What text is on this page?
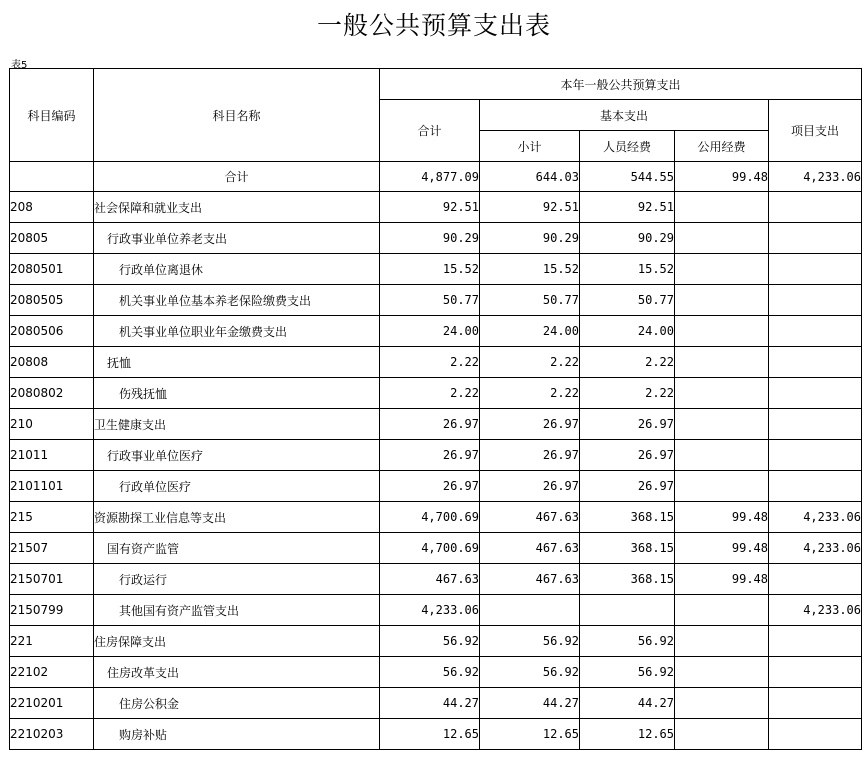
一般公共预算支出表
表5
科目编码	科目名称	本年一般公共预算支出				
		合计	基本支出			项目支出
			小计	人员经费	公用经费	
	合计	4,877.09	644.03	544.55	99.48	4,233.06
208	社会保障和就业支出	92.51	92.51	92.51		
20805	行政事业单位养老支出	90.29	90.29	90.29		
2080501	行政单位离退休	15.52	15.52	15.52		
2080505	机关事业单位基本养老保险缴费支出	50.77	50.77	50.77		
2080506	机关事业单位职业年金缴费支出	24.00	24.00	24.00		
20808	抚恤	2.22	2.22	2.22		
2080802	伤残抚恤	2.22	2.22	2.22		
210	卫生健康支出	26.97	26.97	26.97		
21011	行政事业单位医疗	26.97	26.97	26.97		
2101101	行政单位医疗	26.97	26.97	26.97		
215	资源勘探工业信息等支出	4,700.69	467.63	368.15	99.48	4,233.06
21507	国有资产监管	4,700.69	467.63	368.15	99.48	4,233.06
2150701	行政运行	467.63	467.63	368.15	99.48	
2150799	其他国有资产监管支出	4,233.06				4,233.06
221	住房保障支出	56.92	56.92	56.92		
22102	住房改革支出	56.92	56.92	56.92		
2210201	住房公积金	44.27	44.27	44.27		
2210203	购房补贴	12.65	12.65	12.65		
